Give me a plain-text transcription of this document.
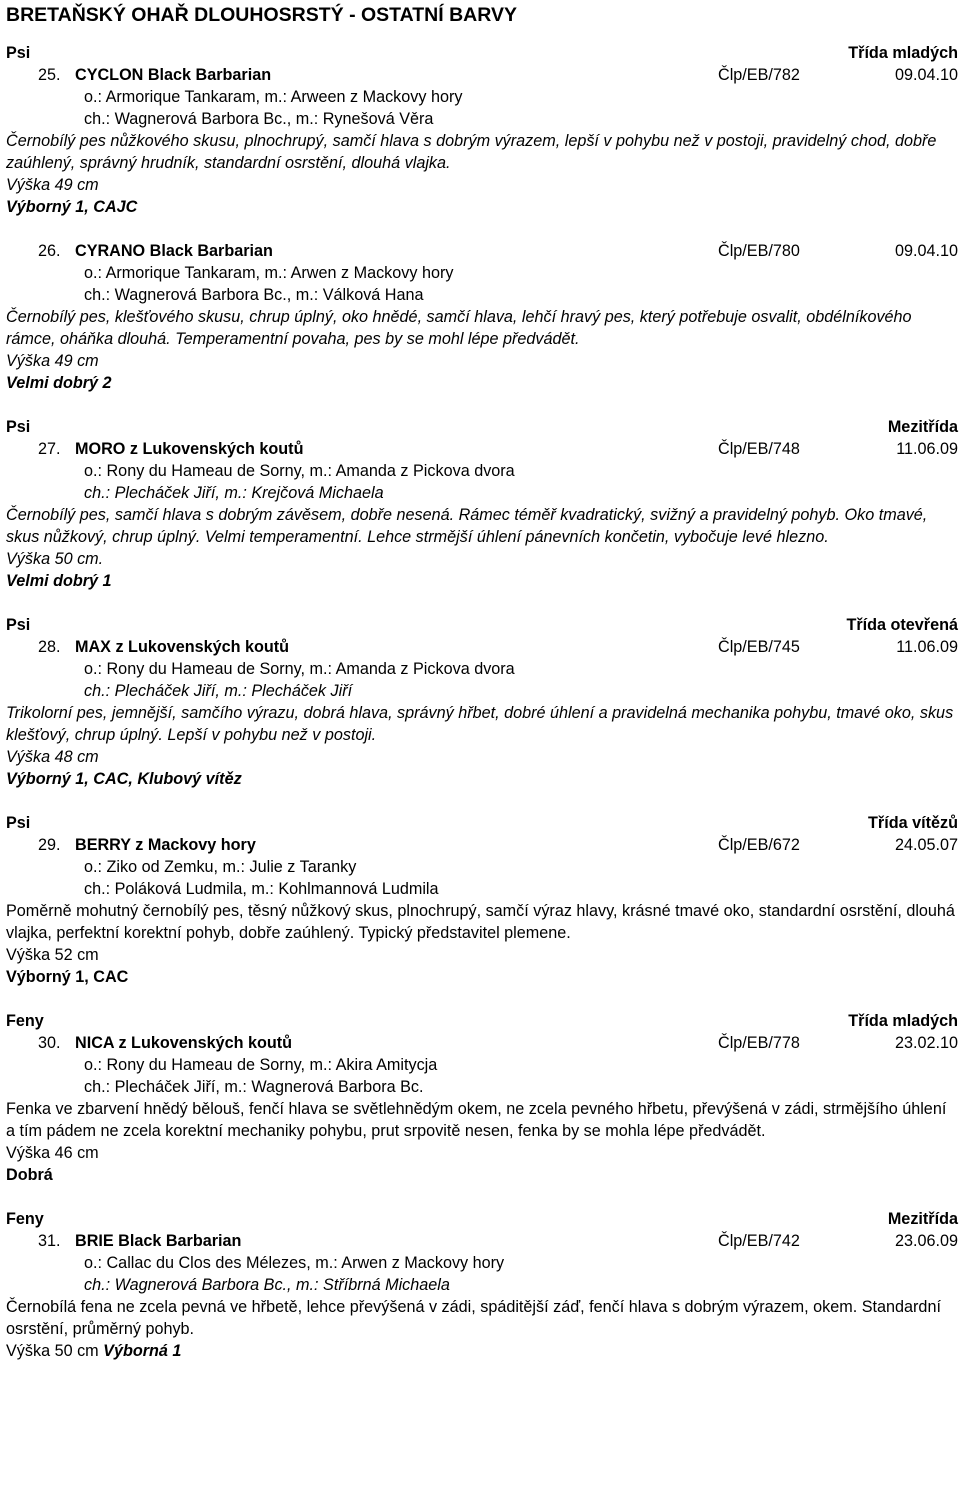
BRETAŇSKÝ OHAŘ DLOUHOSRSTÝ - OSTATNÍ BARVY
Psi	Třída mladých
25. CYCLON Black Barbarian	Člp/EB/782	09.04.10
o.: Armorique Tankaram, m.: Arween z Mackovy hory
ch.: Wagnerová Barbora Bc., m.: Rynešová Věra

Černobílý pes nůžkového skusu, plnochrupý, samčí hlava s dobrým výrazem, lepší v pohybu než v postoji, pravidelný chod, dobře zaúhlený, správný hrudník, standardní osrstění, dlouhá vlajka.

Výška 49 cm
Výborný 1, CAJC
26. CYRANO Black Barbarian	Člp/EB/780	09.04.10
o.: Armorique Tankaram, m.: Arwen z Mackovy hory
ch.: Wagnerová Barbora Bc., m.: Válková Hana

Černobílý pes, klešťového skusu, chrup úplný, oko hnědé, samčí hlava, lehčí hravý pes, který potřebuje osvalit, obdélníkového rámce, oháňka dlouhá. Temperamentní povaha, pes by se mohl lépe předvádět.

Výška 49 cm
Velmi dobrý 2
Psi	Mezitřída
27. MORO z Lukovenských koutů	Člp/EB/748	11.06.09
o.: Rony du Hameau de Sorny, m.: Amanda z Pickova dvora
ch.: Plecháček Jiří, m.: Krejčová Michaela

Černobílý pes, samčí hlava s dobrým závěsem, dobře nesená. Rámec téměř kvadratický, svižný a pravidelný pohyb. Oko tmavé, skus nůžkový, chrup úplný. Velmi temperamentní. Lehce strmější úhlení pánevních končetin, vybočuje levé hlezno.

Výška 50 cm.
Velmi dobrý 1
Psi	Třída otevřená
28. MAX z Lukovenských koutů	Člp/EB/745	11.06.09
o.: Rony du Hameau de Sorny, m.: Amanda z Pickova dvora
ch.: Plecháček Jiří, m.: Plecháček Jiří

Trikolorní pes, jemnější, samčího výrazu, dobrá hlava, správný hřbet, dobré úhlení a pravidelná mechanika pohybu, tmavé oko, skus klešťový, chrup úplný. Lepší v pohybu než v postoji.

Výška 48 cm
Výborný 1, CAC, Klubový vítěz
Psi	Třída vítězů
29. BERRY z Mackovy hory	Člp/EB/672	24.05.07
o.: Ziko od Zemku, m.: Julie z Taranky
ch.: Poláková Ludmila, m.: Kohlmannová Ludmila

Poměrně mohutný černobílý pes, těsný nůžkový skus, plnochrupý, samčí výraz hlavy, krásné tmavé oko, standardní osrstění, dlouhá vlajka, perfektní korektní pohyb, dobře zaúhlený. Typický představitel plemene.

Výška 52 cm
Výborný 1, CAC
Feny	Třída mladých
30. NICA z Lukovenských koutů	Člp/EB/778	23.02.10
o.: Rony du Hameau de Sorny, m.: Akira Amitycja
ch.: Plecháček Jiří, m.: Wagnerová Barbora Bc.

Fenka ve zbarvení hnědý bělouš, fenčí hlava se světlehnědým okem, ne zcela pevného hřbetu, převýšená v zádi, strmějšího úhlení a tím pádem ne zcela korektní mechaniky pohybu, prut srpovitě nesen, fenka by se mohla lépe předvádět.

Výška 46 cm
Dobrá
Feny	Mezitřída
31. BRIE Black Barbarian	Člp/EB/742	23.06.09
o.: Callac du Clos des Mélezes, m.: Arwen z Mackovy hory
ch.: Wagnerová Barbora Bc., m.: Stříbrná Michaela

Černobílá fena ne zcela pevná ve hřbetě, lehce převýšená v zádi, spáditější záď, fenčí hlava s dobrým výrazem, okem. Standardní osrstění, průměrný pohyb.

Výška 50 cm Výborná 1
